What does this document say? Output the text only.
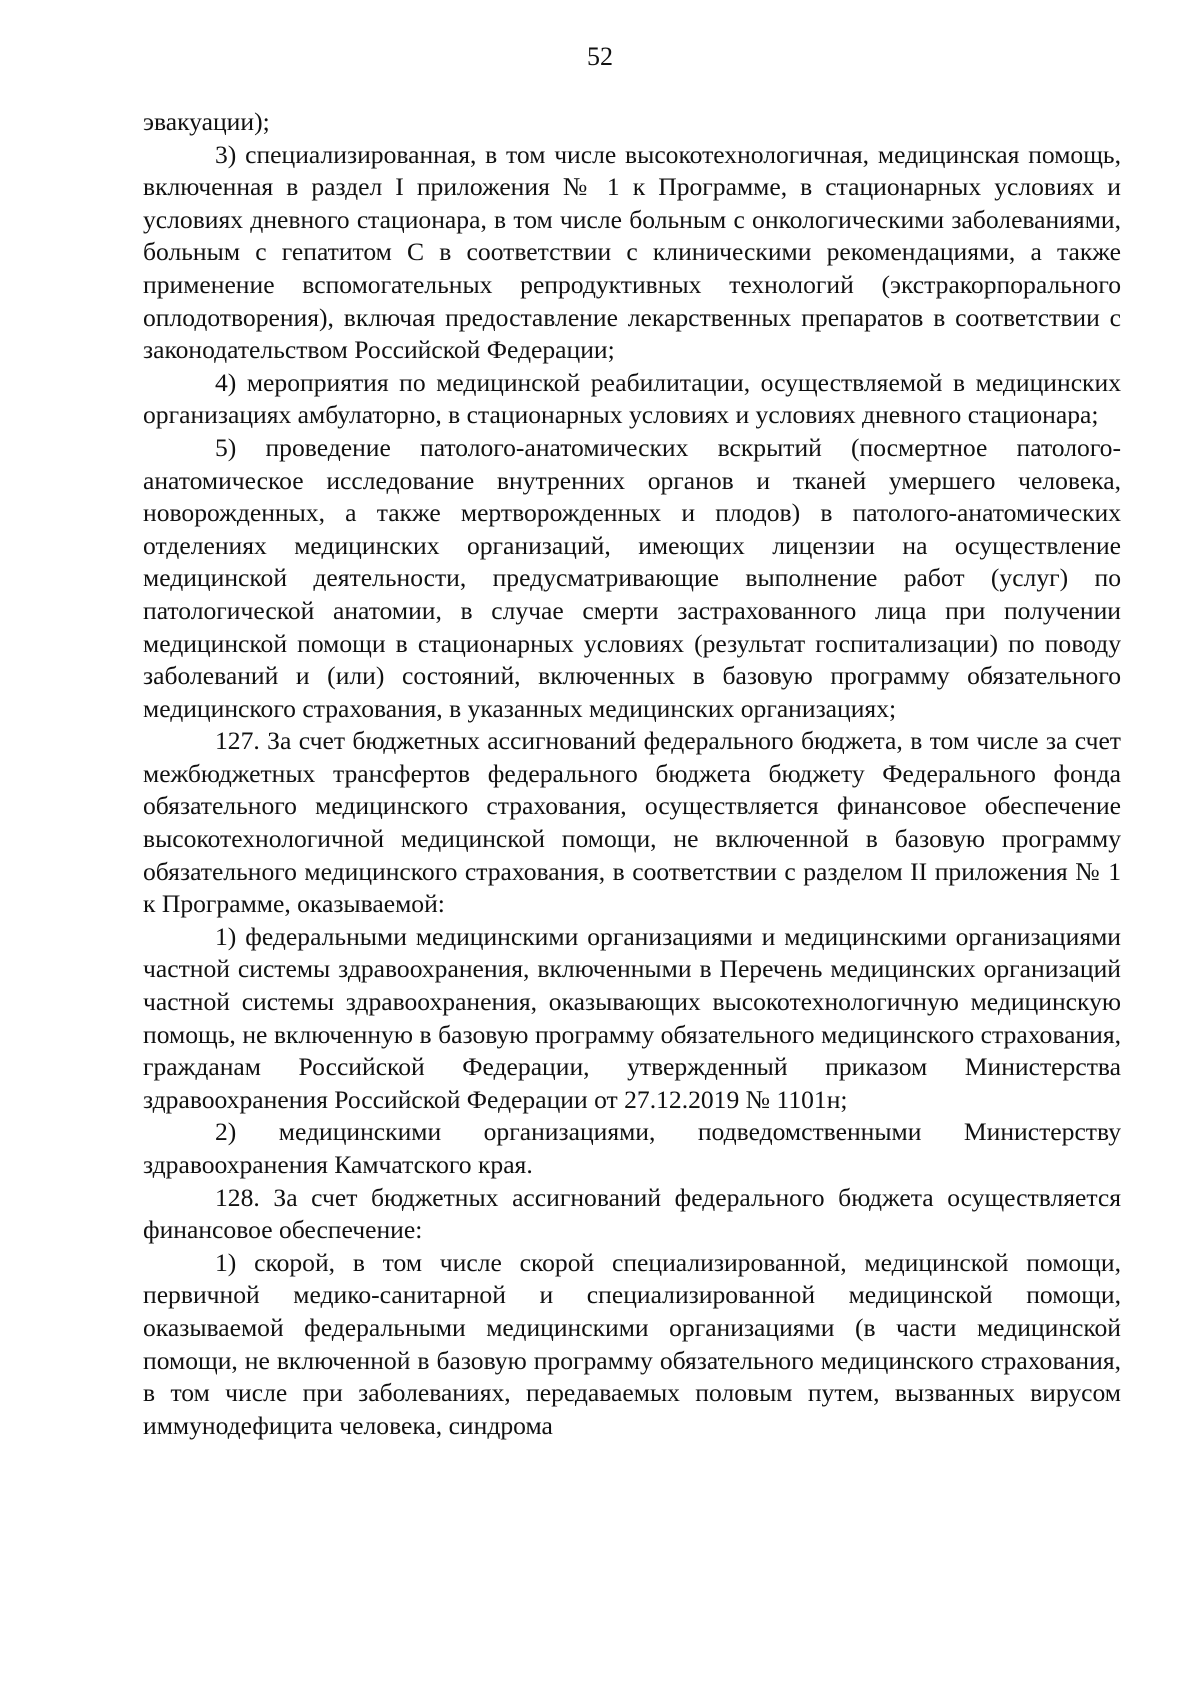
52

эвакуации);

3) специализированная, в том числе высокотехнологичная, медицинская помощь, включенная в раздел I приложения № 1 к Программе, в стационарных условиях и условиях дневного стационара, в том числе больным с онкологическими заболеваниями, больным с гепатитом С в соответствии с клиническими рекомендациями, а также применение вспомогательных репродуктивных технологий (экстракорпорального оплодотворения), включая предоставление лекарственных препаратов в соответствии с законодательством Российской Федерации;

4) мероприятия по медицинской реабилитации, осуществляемой в медицинских организациях амбулаторно, в стационарных условиях и условиях дневного стационара;

5) проведение патолого-анатомических вскрытий (посмертное патолого-анатомическое исследование внутренних органов и тканей умершего человека, новорожденных, а также мертворожденных и плодов) в патолого-анатомических отделениях медицинских организаций, имеющих лицензии на осуществление медицинской деятельности, предусматривающие выполнение работ (услуг) по патологической анатомии, в случае смерти застрахованного лица при получении медицинской помощи в стационарных условиях (результат госпитализации) по поводу заболеваний и (или) состояний, включенных в базовую программу обязательного медицинского страхования, в указанных медицинских организациях;

127. За счет бюджетных ассигнований федерального бюджета, в том числе за счет межбюджетных трансфертов федерального бюджета бюджету Федерального фонда обязательного медицинского страхования, осуществляется финансовое обеспечение высокотехнологичной медицинской помощи, не включенной в базовую программу обязательного медицинского страхования, в соответствии с разделом II приложения № 1 к Программе, оказываемой:

1) федеральными медицинскими организациями и медицинскими организациями частной системы здравоохранения, включенными в Перечень медицинских организаций частной системы здравоохранения, оказывающих высокотехнологичную медицинскую помощь, не включенную в базовую программу обязательного медицинского страхования, гражданам Российской Федерации, утвержденный приказом Министерства здравоохранения Российской Федерации от 27.12.2019 № 1101н;

2) медицинскими организациями, подведомственными Министерству здравоохранения Камчатского края.

128. За счет бюджетных ассигнований федерального бюджета осуществляется финансовое обеспечение:

1) скорой, в том числе скорой специализированной, медицинской помощи, первичной медико-санитарной и специализированной медицинской помощи, оказываемой федеральными медицинскими организациями (в части медицинской помощи, не включенной в базовую программу обязательного медицинского страхования, в том числе при заболеваниях, передаваемых половым путем, вызванных вирусом иммунодефицита человека, синдрома
